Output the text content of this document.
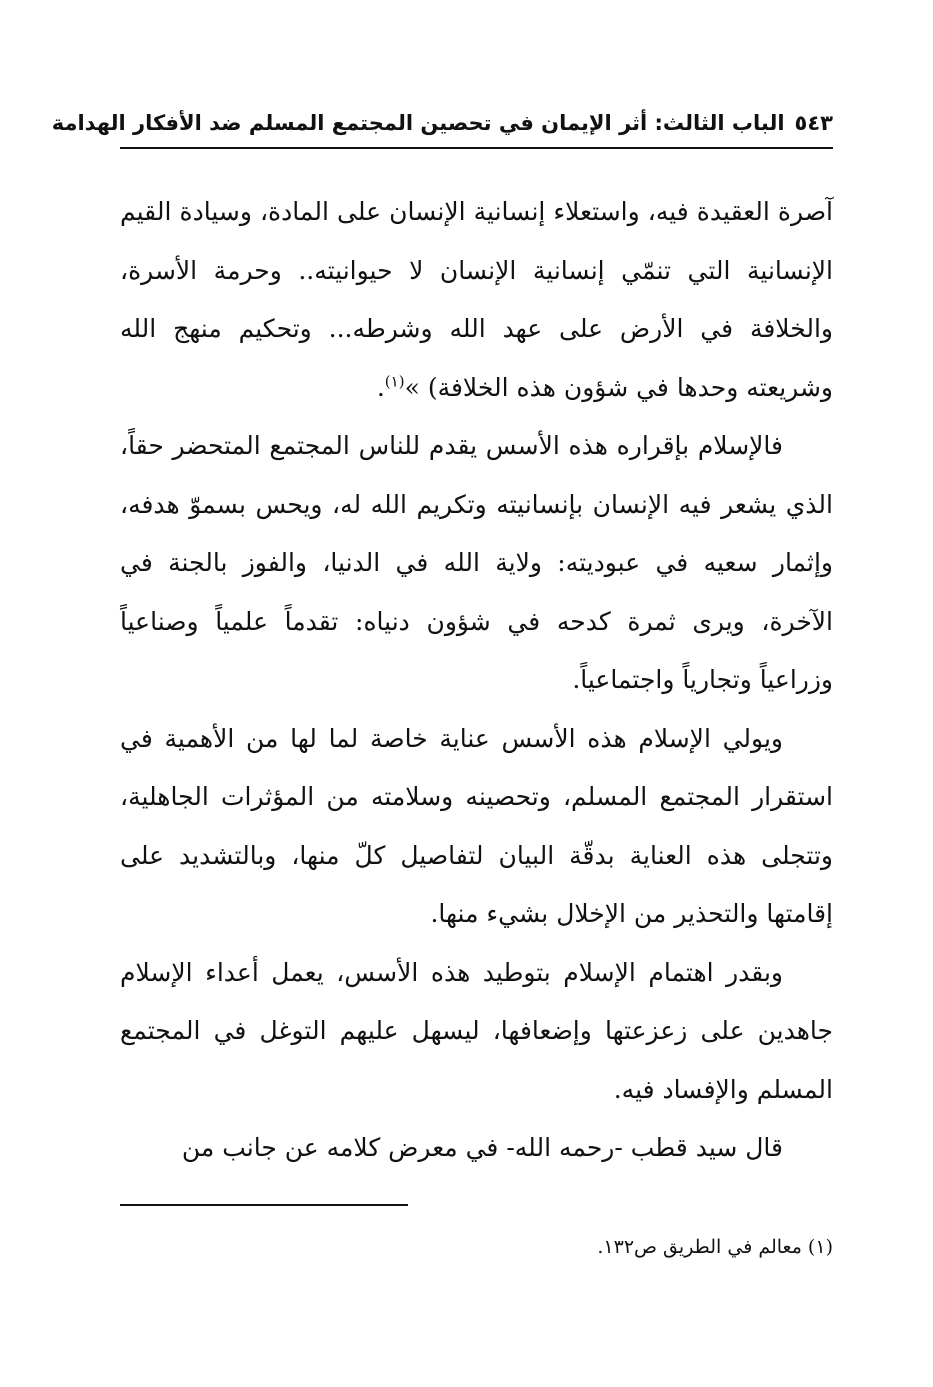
٥٤٣الباب الثالث: أثر الإيمان في تحصين المجتمع المسلم ضد الأفكار الهدامة

آصرة العقيدة فيه، واستعلاء إنسانية الإنسان على المادة، وسيادة القيم الإنسانية التي تنمّي إنسانية الإنسان لا حيوانيته.. وحرمة الأسرة، والخلافة في الأرض على عهد الله وشرطه... وتحكيم منهج الله وشريعته وحدها في شؤون هذه الخلافة) »$^{(١)}$.

فالإسلام بإقراره هذه الأسس يقدم للناس المجتمع المتحضر حقاً، الذي يشعر فيه الإنسان بإنسانيته وتكريم الله له، ويحس بسموّ هدفه، وإثمار سعيه في عبوديته: ولاية الله في الدنيا، والفوز بالجنة في الآخرة، ويرى ثمرة كدحه في شؤون دنياه: تقدماً علمياً وصناعياً وزراعياً وتجارياً واجتماعياً.

ويولي الإسلام هذه الأسس عناية خاصة لما لها من الأهمية في استقرار المجتمع المسلم، وتحصينه وسلامته من المؤثرات الجاهلية، وتتجلى هذه العناية بدقّة البيان لتفاصيل كلّ منها، وبالتشديد على إقامتها والتحذير من الإخلال بشيء منها.

وبقدر اهتمام الإسلام بتوطيد هذه الأسس، يعمل أعداء الإسلام جاهدين على زعزعتها وإضعافها، ليسهل عليهم التوغل في المجتمع المسلم والإفساد فيه.

قال سيد قطب -رحمه الله- في معرض كلامه عن جانب من

(١) معالم في الطريق ص١٣٢.
